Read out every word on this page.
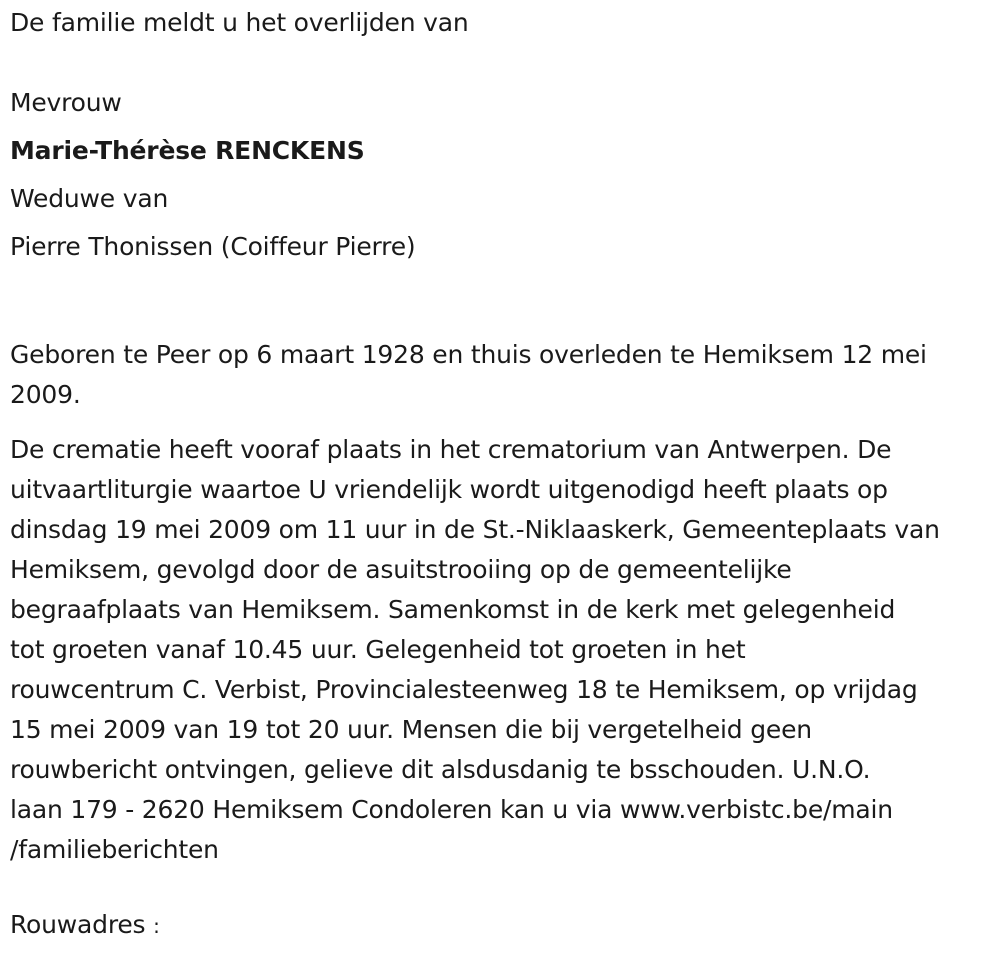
De familie meldt u het overlijden van

Mevrouw

Marie-Thérèse RENCKENS

Weduwe van

Pierre Thonissen (Coiffeur Pierre)

Geboren te Peer op 6 maart 1928 en thuis overleden te Hemiksem 12 mei 2009.

De crematie heeft vooraf plaats in het crematorium van Antwerpen. De
uitvaartliturgie waartoe U vriendelijk wordt uitgenodigd heeft plaats op
dinsdag 19 mei 2009 om 11 uur in de St.-Niklaaskerk, Gemeenteplaats van
Hemiksem, gevolgd door de asuitstrooiing op de gemeentelijke
begraafplaats van Hemiksem. Samenkomst in de kerk met gelegenheid
tot groeten vanaf 10.45 uur. Gelegenheid tot groeten in het
rouwcentrum C. Verbist, Provincialesteenweg 18 te Hemiksem, op vrijdag
15 mei 2009 van 19 tot 20 uur. Mensen die bij vergetelheid geen
rouwbericht ontvingen, gelieve dit alsdusdanig te bsschouden. U.N.O.
laan 179 - 2620 Hemiksem Condoleren kan u via www.verbistc.be/main
/familieberichten

Rouwadres :
